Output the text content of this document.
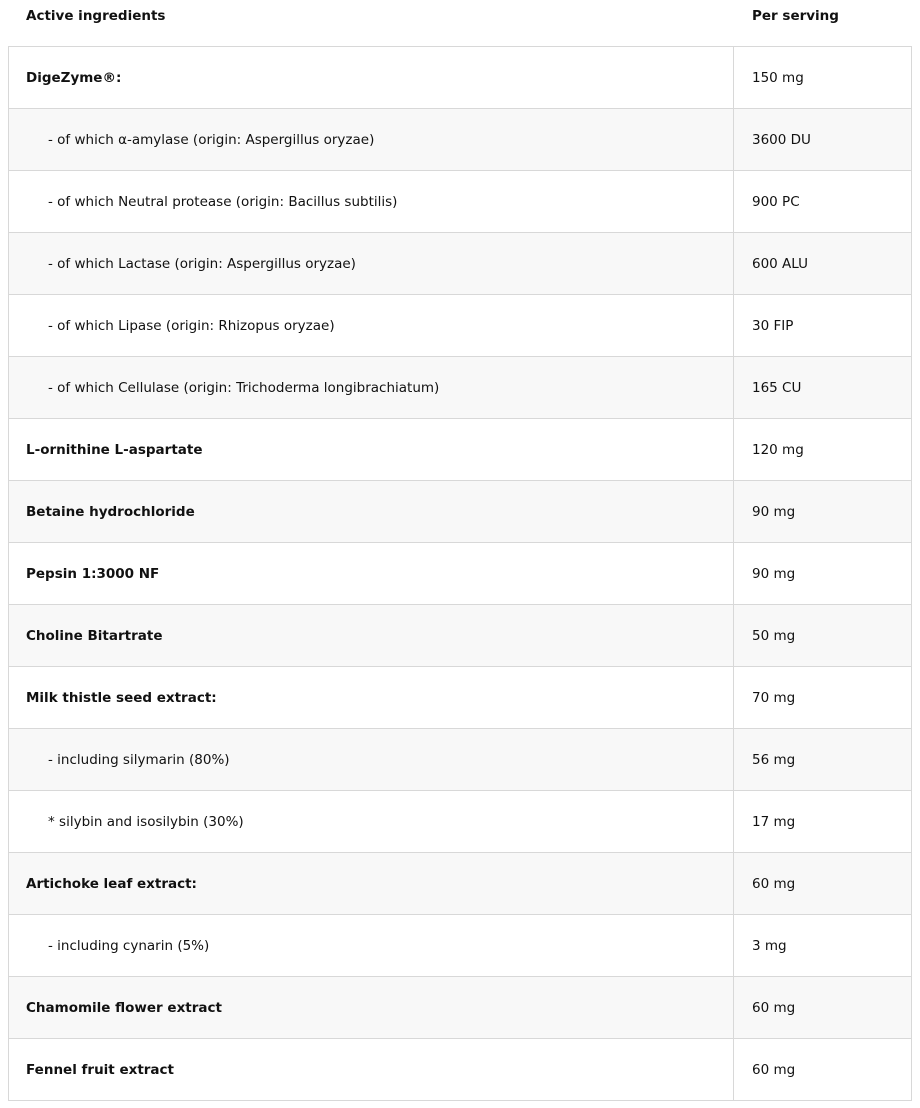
Active ingredients	Per serving
DigeZyme®:	150 mg
- of which α-amylase (origin: Aspergillus oryzae)	3600 DU
- of which Neutral protease (origin: Bacillus subtilis)	900 PC
- of which Lactase (origin: Aspergillus oryzae)	600 ALU
- of which Lipase (origin: Rhizopus oryzae)	30 FIP
- of which Cellulase (origin: Trichoderma longibrachiatum)	165 CU
L-ornithine L-aspartate	120 mg
Betaine hydrochloride	90 mg
Pepsin 1:3000 NF	90 mg
Choline Bitartrate	50 mg
Milk thistle seed extract:	70 mg
- including silymarin (80%)	56 mg
* silybin and isosilybin (30%)	17 mg
Artichoke leaf extract:	60 mg
- including cynarin (5%)	3 mg
Chamomile flower extract	60 mg
Fennel fruit extract	60 mg
